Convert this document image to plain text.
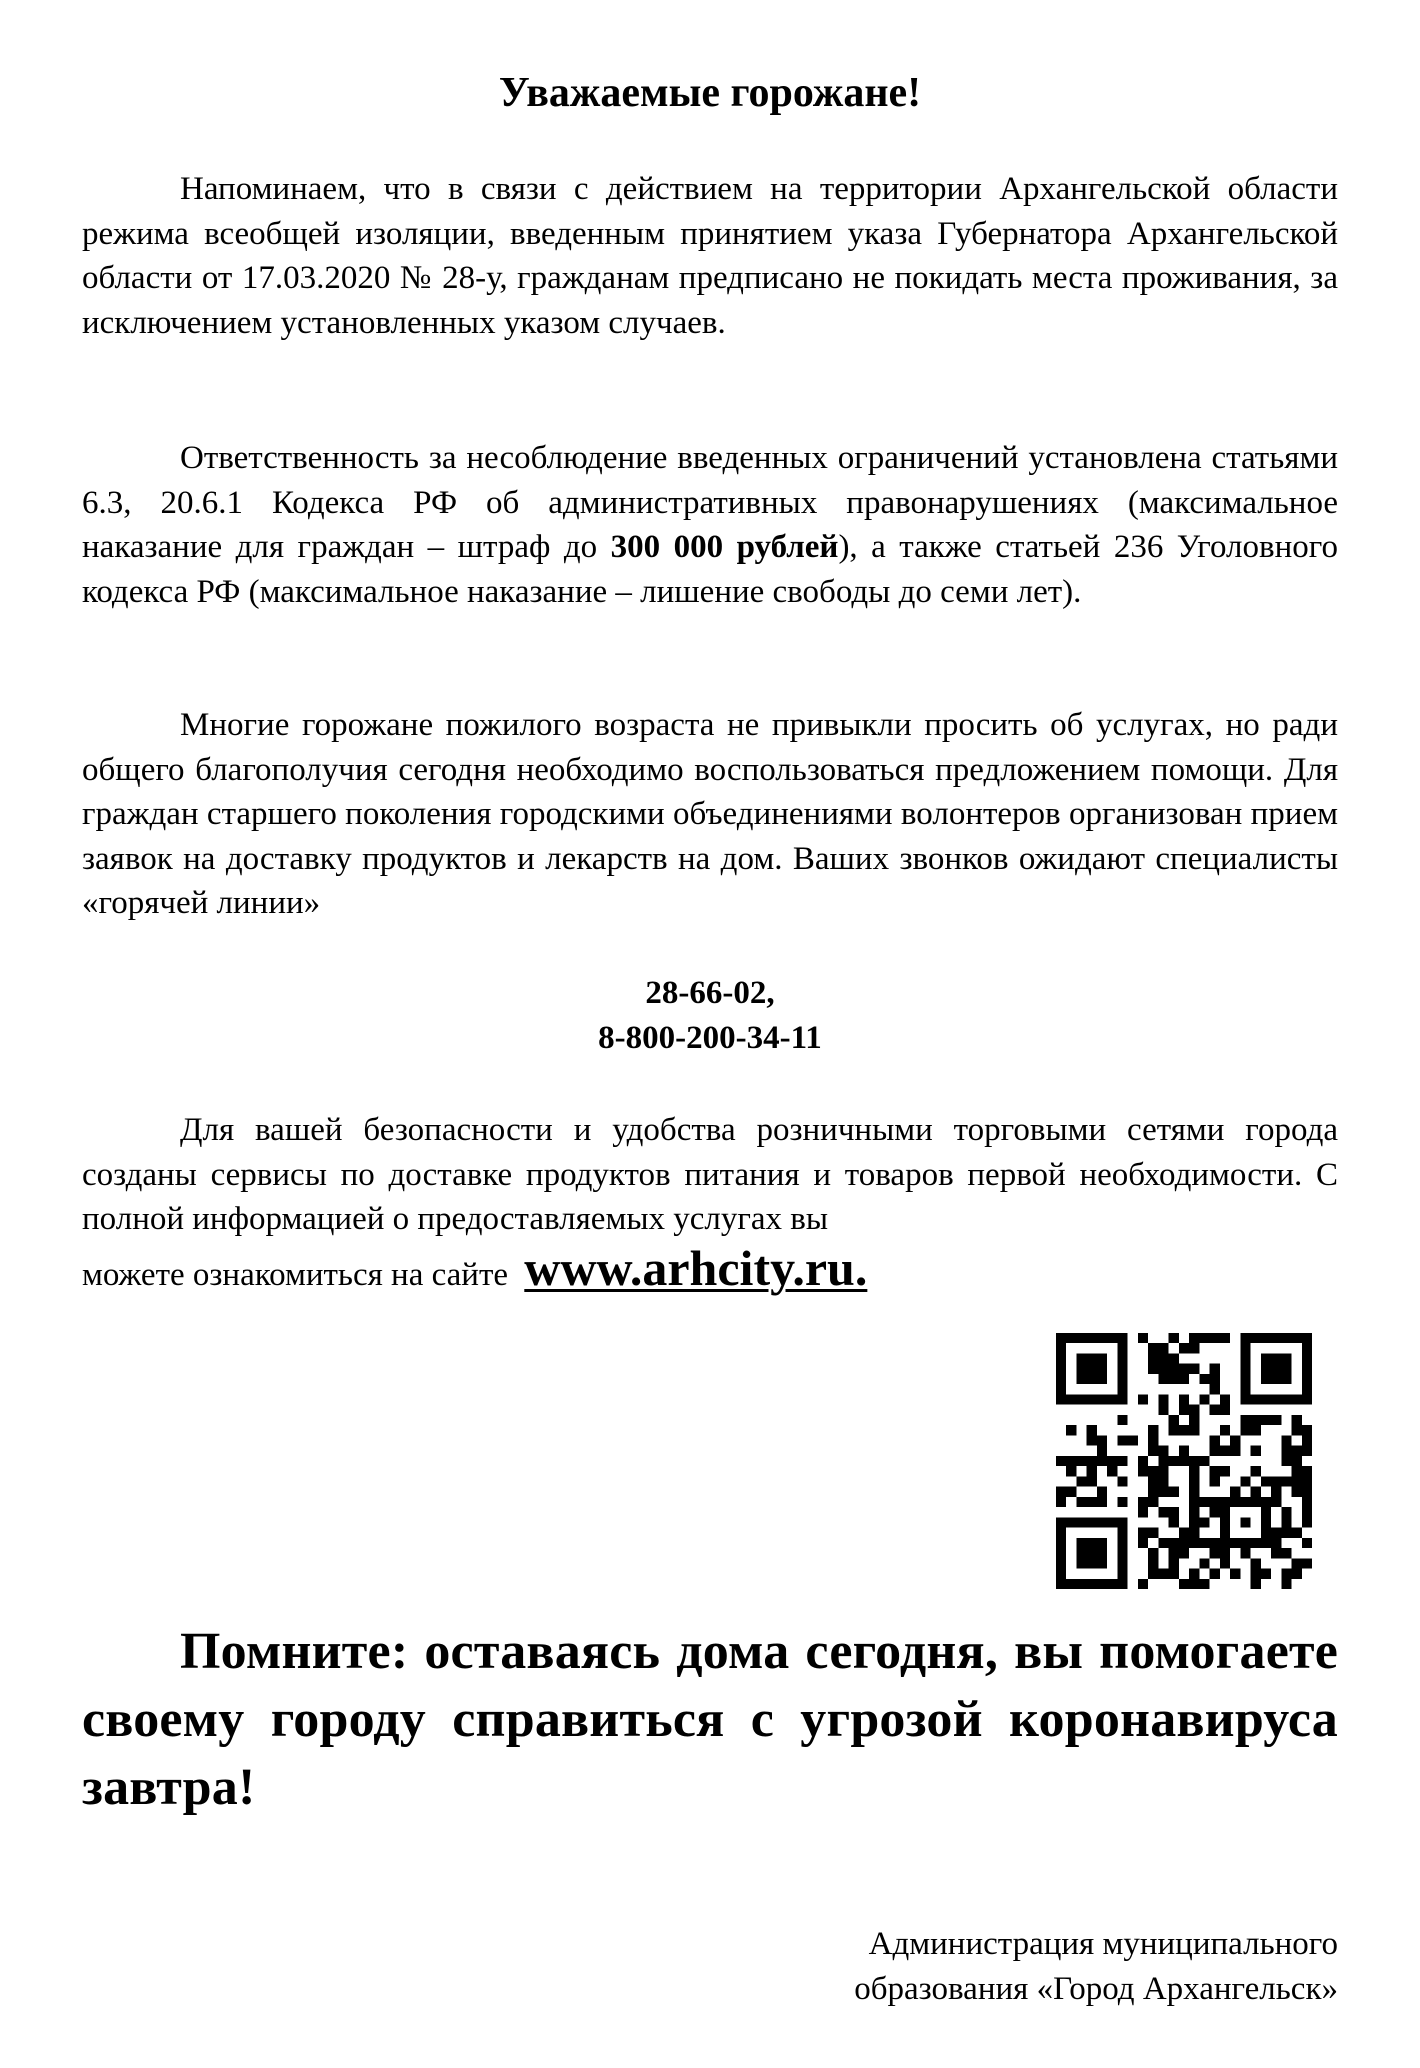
Уважаемые горожане!

Напоминаем, что в связи с действием на территории Архангельской области режима всеобщей изоляции, введенным принятием указа Губернатора Архангельской области от 17.03.2020 № 28-у, гражданам предписано не покидать места проживания, за исключением установленных указом случаев.

Ответственность за несоблюдение введенных ограничений установлена статьями 6.3, 20.6.1 Кодекса РФ об административных правонарушениях (максимальное наказание для граждан – штраф до 300 000 рублей), а также статьей 236 Уголовного кодекса РФ (максимальное наказание – лишение свободы до семи лет).

Многие горожане пожилого возраста не привыкли просить об услугах, но ради общего благополучия сегодня необходимо воспользоваться предложением помощи. Для граждан старшего поколения городскими объединениями волонтеров организован прием заявок на доставку продуктов и лекарств на дом. Ваших звонков ожидают специалисты «горячей линии»

28-66-02,
8-800-200-34-11

Для вашей безопасности и удобства розничными торговыми сетями города созданы сервисы по доставке продуктов питания и товаров первой необходимости. С полной информацией о предоставляемых услугах вы

можете ознакомиться на сайте www.arhcity.ru.

Помните: оставаясь дома сегодня, вы помогаете своему городу справиться с угрозой коронавируса завтра!

Администрация муниципального
образования «Город Архангельск»
